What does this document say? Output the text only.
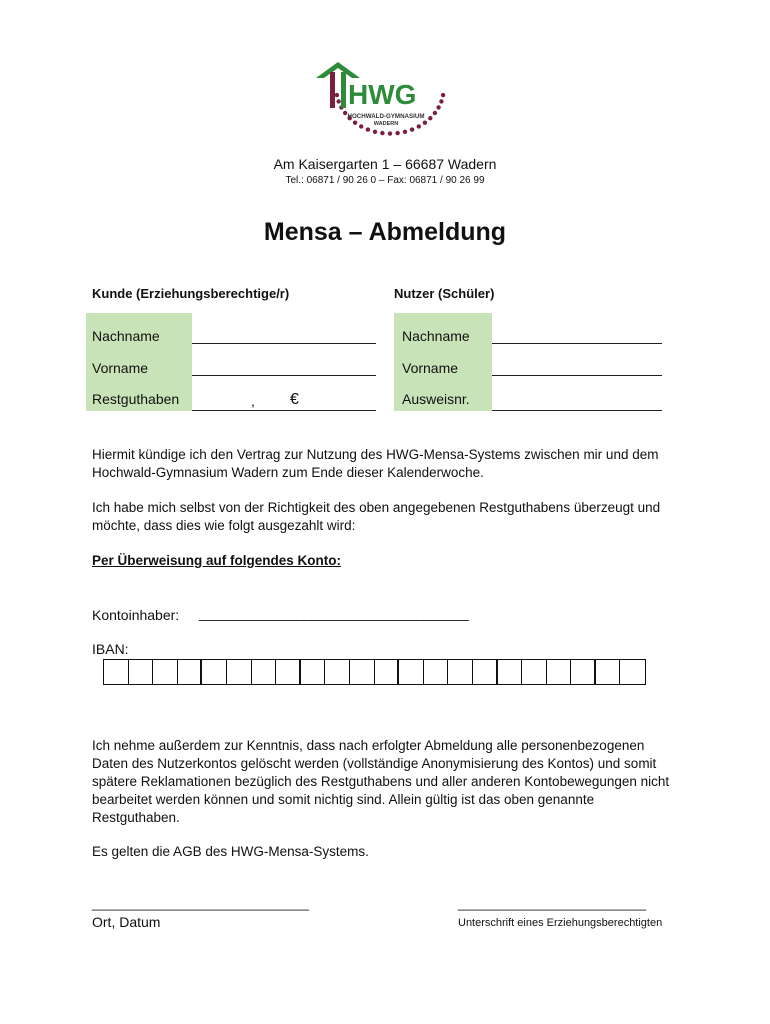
HWG
HOCHWALD-GYMNASIUM
WADERN
Am Kaisergarten 1 – 66687 Wadern
Tel.: 06871 / 90 26 0 – Fax: 06871 / 90 26 99
Mensa – Abmeldung
Kunde (Erziehungsberechtige/r)	Nutzer (Schüler)
Nachname
Vorname
Restguthaben	, €
Nachname
Vorname
Ausweisnr.
Hiermit kündige ich den Vertrag zur Nutzung des HWG-Mensa-Systems zwischen mir und dem Hochwald-Gymnasium Wadern zum Ende dieser Kalenderwoche.
Ich habe mich selbst von der Richtigkeit des oben angegebenen Restguthabens überzeugt und möchte, dass dies wie folgt ausgezahlt wird:
Per Überweisung auf folgendes Konto:
Kontoinhaber: ____________________________________
IBAN:
Ich nehme außerdem zur Kenntnis, dass nach erfolgter Abmeldung alle personenbezogenen Daten des Nutzerkontos gelöscht werden (vollständige Anonymisierung des Kontos) und somit spätere Reklamationen bezüglich des Restguthabens und aller anderen Kontobewegungen nicht bearbeitet werden können und somit nichtig sind. Allein gültig ist das oben genannte Restguthaben.
Es gelten die AGB des HWG-Mensa-Systems.
______________________________
Ort, Datum
__________________________
Unterschrift eines Erziehungsberechtigten
